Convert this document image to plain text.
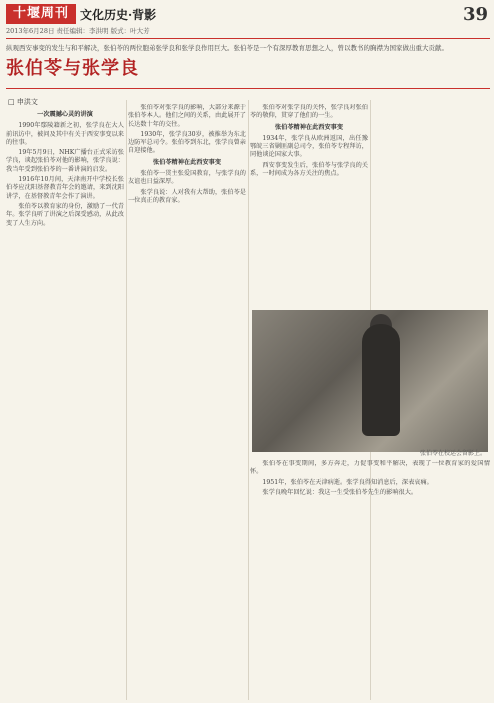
十堰周刊 文化历史·背影
2013年6月28日 责任编辑：李洪明 版式：叶大芳
39
纵观西安事变的发生与和平解决，张伯苓的两位胞弟张学良和张学良作用巨大。张伯苓是一个有深厚教育思想之人，曾以教书的胸襟为国家做出重大贡献。
张伯苓与张学良
□ 申洪文

一次震撼心灵的讲演

1990年鄢陵籍新之初，张学良在大人前讯访中，被问及其中有关于西安事变以来的往事。

19年5月9日，NHK广播台正式采访张学良，谈起张伯苓对他的影响，张学良说：我当年受到张伯苓的一番讲演的启发。

1916年10月间，天津南开中学校长张伯苓应沈阳基督教青年会的邀请，来到沈阳讲学，在基督教青年会作了演讲。

张伯苓以教育家的身份，激励了一代青年。张学良听了讲演之后深受感动，从此改变了人生方向。

张伯苓对张学良的影响，大部分来源于张伯苓本人。他们之间的关系，由此展开了长达数十年的交往。

1930年，张学良30岁，被推举为东北边防军总司令。张伯苓到东北，张学良曾亲自迎接他。

张伯苓精神在此西安事变

张伯苓一贯主张爱国教育，与张学良的友谊也日益深厚。

张学良说：人对我有大帮助，张伯苓是一位真正的教育家。

张伯苓对张学良的关怀，张学良对张伯苓的敬仰，贯穿了他们的一生。

张伯苓精神在此西安事变

1934年，张学良从欧洲返国，出任豫鄂皖三省剿匪副总司令，张伯苓专程拜访，同他谈论国家大事。

西安事变发生后，张伯苓与张学良的关系，一时间成为各方关注的焦点。

张伯苓在校运会留影上。

张伯苓在事变期间，多方奔走，力促事变和平解决，表现了一位教育家的爱国情怀。

1951年，张伯苓在天津病逝。张学良得知消息后，深表哀痛。

张学良晚年回忆说：我这一生受张伯苓先生的影响很大。
